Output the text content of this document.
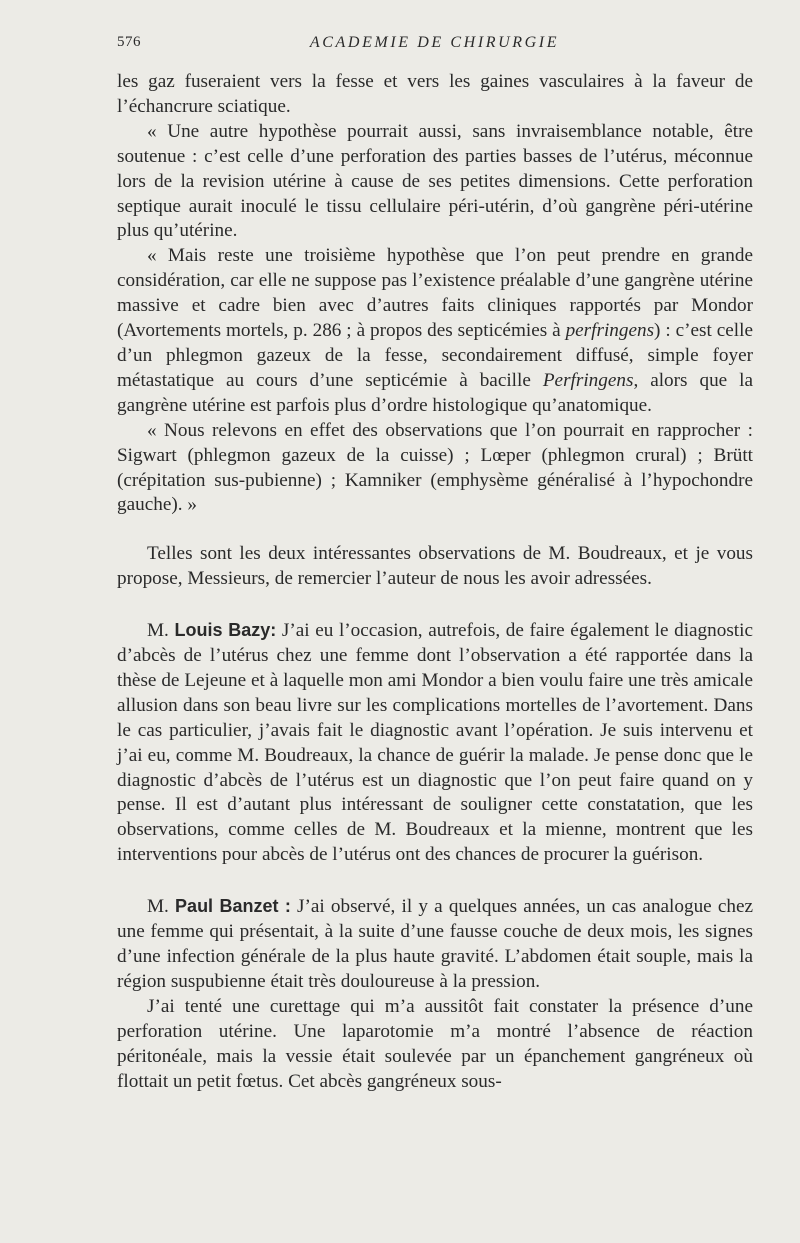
576	ACADEMIE DE CHIRURGIE

les gaz fuseraient vers la fesse et vers les gaines vasculaires à la faveur de l’échancrure sciatique.

« Une autre hypothèse pourrait aussi, sans invraisemblance notable, être soutenue : c’est celle d’une perforation des parties basses de l’utérus, méconnue lors de la revision utérine à cause de ses petites dimensions. Cette perforation septique aurait inoculé le tissu cellulaire péri-utérin, d’où gangrène péri-utérine plus qu’utérine.

« Mais reste une troisième hypothèse que l’on peut prendre en grande considération, car elle ne suppose pas l’existence préalable d’une gangrène utérine massive et cadre bien avec d’autres faits cliniques rapportés par Mondor (Avortements mortels, p. 286 ; à propos des septicémies à perfringens) : c’est celle d’un phlegmon gazeux de la fesse, secondairement diffusé, simple foyer métastatique au cours d’une septicémie à bacille Perfringens, alors que la gangrène utérine est parfois plus d’ordre histologique qu’anatomique.

« Nous relevons en effet des observations que l’on pourrait en rapprocher : Sigwart (phlegmon gazeux de la cuisse) ; Lœper (phlegmon crural) ; Brütt (crépitation sus-pubienne) ; Kamniker (emphysème généralisé à l’hypochondre gauche). »

Telles sont les deux intéressantes observations de M. Boudreaux, et je vous propose, Messieurs, de remercier l’auteur de nous les avoir adressées.

M. Louis Bazy: J’ai eu l’occasion, autrefois, de faire également le diagnostic d’abcès de l’utérus chez une femme dont l’observation a été rapportée dans la thèse de Lejeune et à laquelle mon ami Mondor a bien voulu faire une très amicale allusion dans son beau livre sur les complications mortelles de l’avortement. Dans le cas particulier, j’avais fait le diagnostic avant l’opération. Je suis intervenu et j’ai eu, comme M. Boudreaux, la chance de guérir la malade. Je pense donc que le diagnostic d’abcès de l’utérus est un diagnostic que l’on peut faire quand on y pense. Il est d’autant plus intéressant de souligner cette constatation, que les observations, comme celles de M. Boudreaux et la mienne, montrent que les interventions pour abcès de l’utérus ont des chances de procurer la guérison.

M. Paul Banzet : J’ai observé, il y a quelques années, un cas analogue chez une femme qui présentait, à la suite d’une fausse couche de deux mois, les signes d’une infection générale de la plus haute gravité. L’abdomen était souple, mais la région suspubienne était très douloureuse à la pression.

J’ai tenté une curettage qui m’a aussitôt fait constater la présence d’une perforation utérine. Une laparotomie m’a montré l’absence de réaction péritonéale, mais la vessie était soulevée par un épanchement gangréneux où flottait un petit fœtus. Cet abcès gangréneux sous-
